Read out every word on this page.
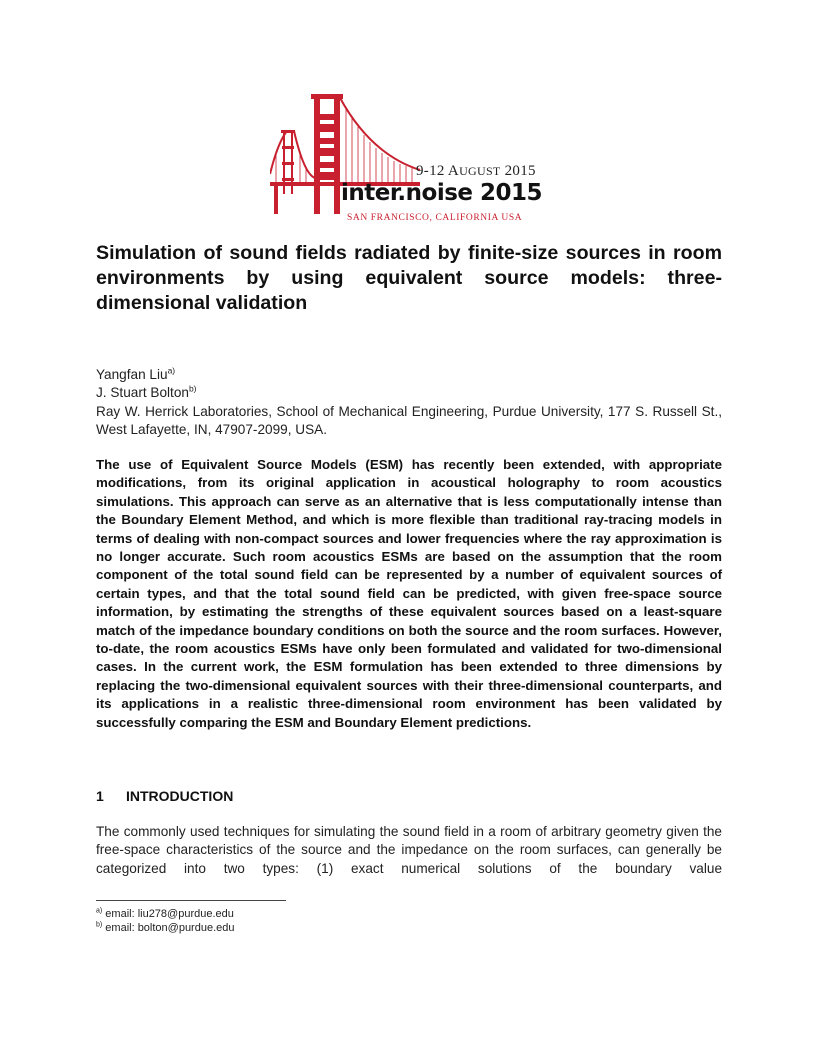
9-12 AUGUST 2015
inter.noise 2015
SAN FRANCISCO, CALIFORNIA USA
Simulation of sound fields radiated by finite-size sources in room environments by using equivalent source models: three-dimensional validation
Yangfan Liu$^{a)}$
J. Stuart Bolton$^{b)}$
Ray W. Herrick Laboratories, School of Mechanical Engineering, Purdue University, 177 S. Russell St., West Lafayette, IN, 47907-2099, USA.

The use of Equivalent Source Models (ESM) has recently been extended, with appropriate modifications, from its original application in acoustical holography to room acoustics simulations. This approach can serve as an alternative that is less computationally intense than the Boundary Element Method, and which is more flexible than traditional ray-tracing models in terms of dealing with non-compact sources and lower frequencies where the ray approximation is no longer accurate. Such room acoustics ESMs are based on the assumption that the room component of the total sound field can be represented by a number of equivalent sources of certain types, and that the total sound field can be predicted, with given free-space source information, by estimating the strengths of these equivalent sources based on a least-square match of the impedance boundary conditions on both the source and the room surfaces. However, to-date, the room acoustics ESMs have only been formulated and validated for two-dimensional cases. In the current work, the ESM formulation has been extended to three dimensions by replacing the two-dimensional equivalent sources with their three-dimensional counterparts, and its applications in a realistic three-dimensional room environment has been validated by successfully comparing the ESM and Boundary Element predictions.

1 INTRODUCTION

The commonly used techniques for simulating the sound field in a room of arbitrary geometry given the free-space characteristics of the source and the impedance on the room surfaces, can generally be categorized into two types: (1) exact numerical solutions of the boundary value

$^{a)}$ email: liu278@purdue.edu
$^{b)}$ email: bolton@purdue.edu
